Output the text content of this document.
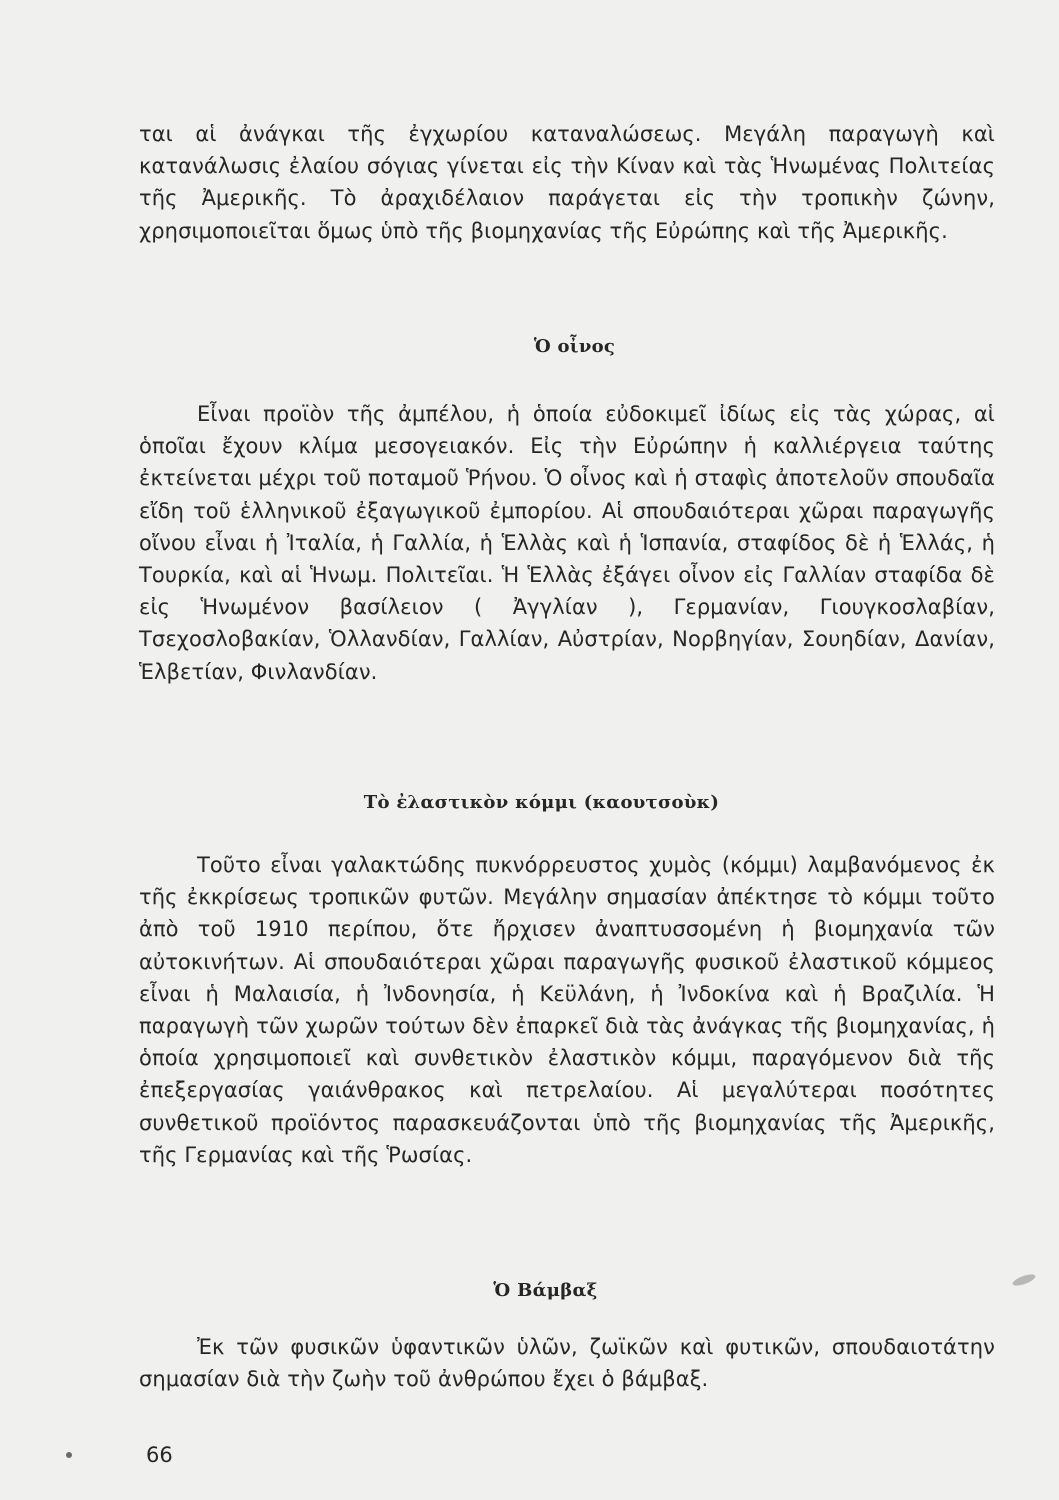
ται αἱ ἀνάγκαι τῆς ἐγχωρίου καταναλώσεως. Μεγάλη παραγωγὴ καὶ κατανάλωσις ἐλαίου σόγιας γίνεται εἰς τὴν Κίναν καὶ τὰς Ἡνωμένας Πολιτείας τῆς Ἀμερικῆς. Τὸ ἀραχιδέλαιον παράγεται εἰς τὴν τροπικὴν ζώνην, χρησιμοποιεῖται ὅμως ὑπὸ τῆς βιομηχανίας τῆς Εὐρώπης καὶ τῆς Ἀμερικῆς.

Ὁ οἶνος

Εἶναι προϊὸν τῆς ἀμπέλου, ἡ ὁποία εὐδοκιμεῖ ἰδίως εἰς τὰς χώρας, αἱ ὁποῖαι ἔχουν κλίμα μεσογειακόν. Εἰς τὴν Εὐρώπην ἡ καλλιέργεια ταύτης ἐκτείνεται μέχρι τοῦ ποταμοῦ Ῥήνου. Ὁ οἶνος καὶ ἡ σταφὶς ἀποτελοῦν σπουδαῖα εἴδη τοῦ ἑλληνικοῦ ἐξαγωγικοῦ ἐμπορίου. Αἱ σπουδαιότεραι χῶραι παραγωγῆς οἴνου εἶναι ἡ Ἰταλία, ἡ Γαλλία, ἡ Ἑλλὰς καὶ ἡ Ἱσπανία, σταφίδος δὲ ἡ Ἑλλάς, ἡ Τουρκία, καὶ αἱ Ἡνωμ. Πολιτεῖαι. Ἡ Ἑλλὰς ἐξάγει οἶνον εἰς Γαλλίαν σταφίδα δὲ εἰς Ἡνωμένον βασίλειον ( Ἀγγλίαν ), Γερμανίαν, Γιουγκοσλαβίαν, Τσεχοσλοβακίαν, Ὁλλανδίαν, Γαλλίαν, Αὐστρίαν, Νορβηγίαν, Σουηδίαν, Δανίαν, Ἑλβετίαν, Φινλανδίαν.

Τὸ ἐλαστικὸν κόμμι (καουτσοὺκ)

Τοῦτο εἶναι γαλακτώδης πυκνόρρευστος χυμὸς (κόμμι) λαμβανόμενος ἐκ τῆς ἐκκρίσεως τροπικῶν φυτῶν. Μεγάλην σημασίαν ἀπέκτησε τὸ κόμμι τοῦτο ἀπὸ τοῦ 1910 περίπου, ὅτε ἤρχισεν ἀναπτυσσομένη ἡ βιομηχανία τῶν αὐτοκινήτων. Αἱ σπουδαιότεραι χῶραι παραγωγῆς φυσικοῦ ἐλαστικοῦ κόμμεος εἶναι ἡ Μαλαισία, ἡ Ἰνδονησία, ἡ Κεϋλάνη, ἡ Ἰνδοκίνα καὶ ἡ Βραζιλία. Ἡ παραγωγὴ τῶν χωρῶν τούτων δὲν ἐπαρκεῖ διὰ τὰς ἀνάγκας τῆς βιομηχανίας, ἡ ὁποία χρησιμοποιεῖ καὶ συνθετικὸν ἐλαστικὸν κόμμι, παραγόμενον διὰ τῆς ἐπεξεργασίας γαιάνθρακος καὶ πετρελαίου. Αἱ μεγαλύτεραι ποσότητες συνθετικοῦ προϊόντος παρασκευάζονται ὑπὸ τῆς βιομηχανίας τῆς Ἀμερικῆς, τῆς Γερμανίας καὶ τῆς Ῥωσίας.

Ὁ Βάμβαξ

Ἐκ τῶν φυσικῶν ὑφαντικῶν ὑλῶν, ζωϊκῶν καὶ φυτικῶν, σπουδαιοτάτην σημασίαν διὰ τὴν ζωὴν τοῦ ἀνθρώπου ἔχει ὁ βάμβαξ.

66
